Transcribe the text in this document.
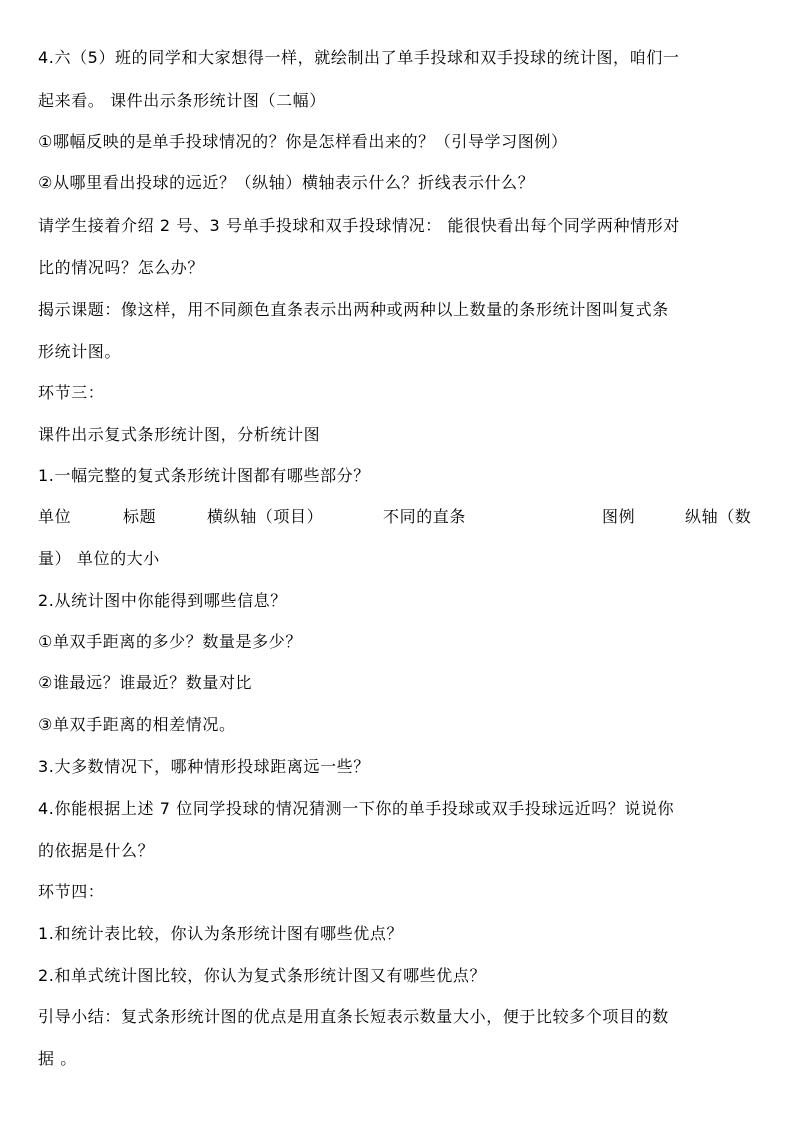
4.六（5）班的同学和大家想得一样，就绘制出了单手投球和双手投球的统计图，咱们一
起来看。 课件出示条形统计图（二幅）
①哪幅反映的是单手投球情况的？你是怎样看出来的？（引导学习图例）
②从哪里看出投球的远近？（纵轴）横轴表示什么？折线表示什么？
请学生接着介绍 2 号、3 号单手投球和双手投球情况： 能很快看出每个同学两种情形对
比的情况吗？怎么办？
揭示课题：像这样，用不同颜色直条表示出两种或两种以上数量的条形统计图叫复式条
形统计图。
环节三：
课件出示复式条形统计图，分析统计图
1.一幅完整的复式条形统计图都有哪些部分？
单位	标题	横纵轴（项目）	不同的直条	图例	纵轴（数
量） 单位的大小
2.从统计图中你能得到哪些信息？
①单双手距离的多少？数量是多少？
②谁最远？谁最近？数量对比
③单双手距离的相差情况。
3.大多数情况下，哪种情形投球距离远一些？
4.你能根据上述 7 位同学投球的情况猜测一下你的单手投球或双手投球远近吗？说说你
的依据是什么？
环节四：
1.和统计表比较，你认为条形统计图有哪些优点？
2.和单式统计图比较，你认为复式条形统计图又有哪些优点？
引导小结：复式条形统计图的优点是用直条长短表示数量大小，便于比较多个项目的数
据 。
